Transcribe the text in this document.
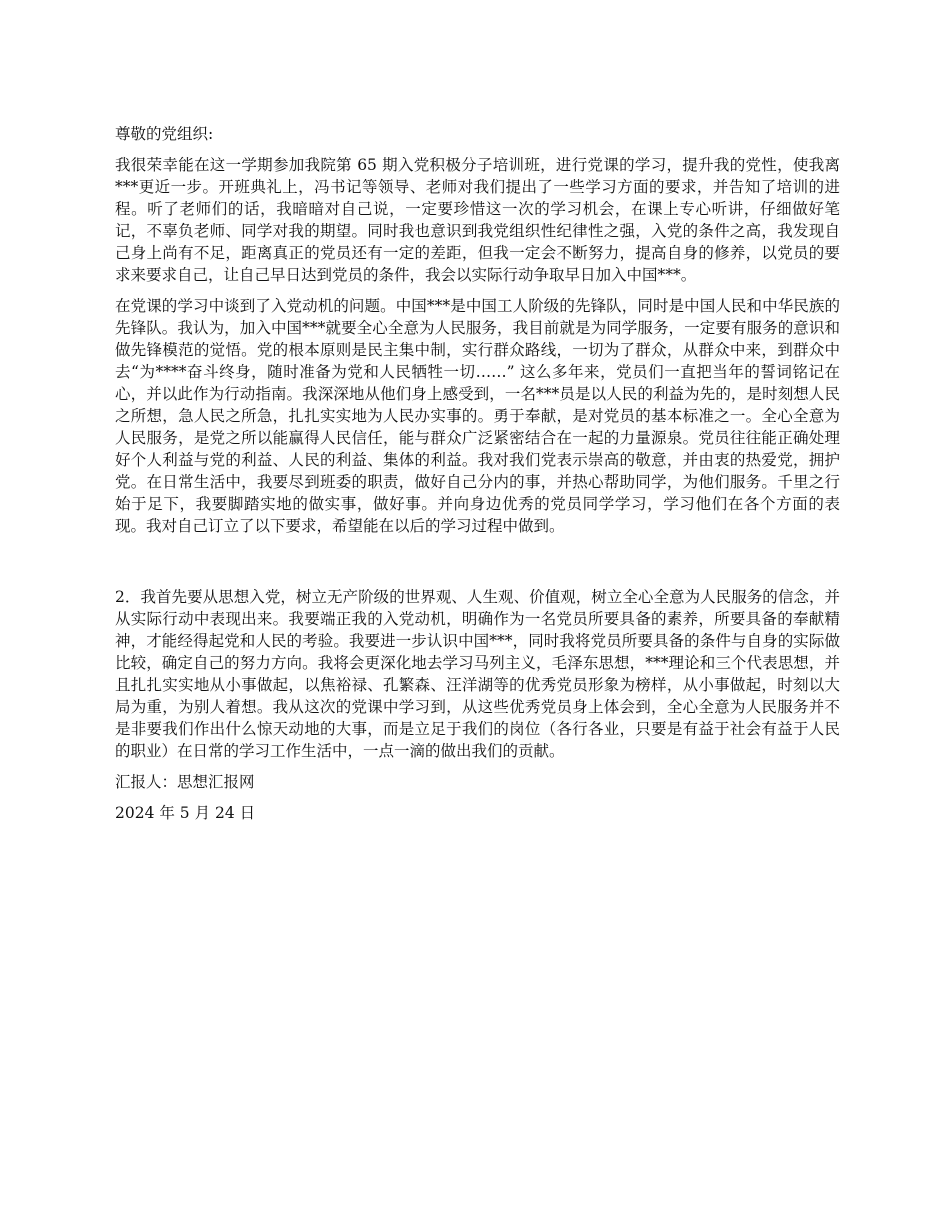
尊敬的党组织:

我很荣幸能在这一学期参加我院第 65 期入党积极分子培训班，进行党课的学习，提升我的党性，使我离***更近一步。开班典礼上，冯书记等领导、老师对我们提出了一些学习方面的要求，并告知了培训的进程。听了老师们的话，我暗暗对自己说，一定要珍惜这一次的学习机会，在课上专心听讲，仔细做好笔记，不辜负老师、同学对我的期望。同时我也意识到我党组织性纪律性之强，入党的条件之高，我发现自己身上尚有不足，距离真正的党员还有一定的差距，但我一定会不断努力，提高自身的修养，以党员的要求来要求自己，让自己早日达到党员的条件，我会以实际行动争取早日加入中国***。

在党课的学习中谈到了入党动机的问题。中国***是中国工人阶级的先锋队，同时是中国人民和中华民族的先锋队。我认为，加入中国***就要全心全意为人民服务，我目前就是为同学服务，一定要有服务的意识和做先锋模范的觉悟。党的根本原则是民主集中制，实行群众路线，一切为了群众，从群众中来，到群众中去“为****奋斗终身，随时准备为党和人民牺牲一切……” 这么多年来，党员们一直把当年的誓词铭记在心，并以此作为行动指南。我深深地从他们身上感受到，一名***员是以人民的利益为先的，是时刻想人民之所想，急人民之所急，扎扎实实地为人民办实事的。勇于奉献，是对党员的基本标准之一。全心全意为人民服务，是党之所以能赢得人民信任，能与群众广泛紧密结合在一起的力量源泉。党员往往能正确处理好个人利益与党的利益、人民的利益、集体的利益。我对我们党表示崇高的敬意，并由衷的热爱党，拥护党。在日常生活中，我要尽到班委的职责，做好自己分内的事，并热心帮助同学，为他们服务。千里之行始于足下，我要脚踏实地的做实事，做好事。并向身边优秀的党员同学学习，学习他们在各个方面的表现。我对自己订立了以下要求，希望能在以后的学习过程中做到。

2．我首先要从思想入党，树立无产阶级的世界观、人生观、价值观，树立全心全意为人民服务的信念，并从实际行动中表现出来。我要端正我的入党动机，明确作为一名党员所要具备的素养，所要具备的奉献精神，才能经得起党和人民的考验。我要进一步认识中国***，同时我将党员所要具备的条件与自身的实际做比较，确定自己的努力方向。我将会更深化地去学习马列主义，毛泽东思想，***理论和三个代表思想，并且扎扎实实地从小事做起，以焦裕禄、孔繁森、汪洋湖等的优秀党员形象为榜样，从小事做起，时刻以大局为重，为别人着想。我从这次的党课中学习到，从这些优秀党员身上体会到，全心全意为人民服务并不是非要我们作出什么惊天动地的大事，而是立足于我们的岗位（各行各业，只要是有益于社会有益于人民的职业）在日常的学习工作生活中，一点一滴的做出我们的贡献。

汇报人：思想汇报网

2024 年 5 月 24 日
